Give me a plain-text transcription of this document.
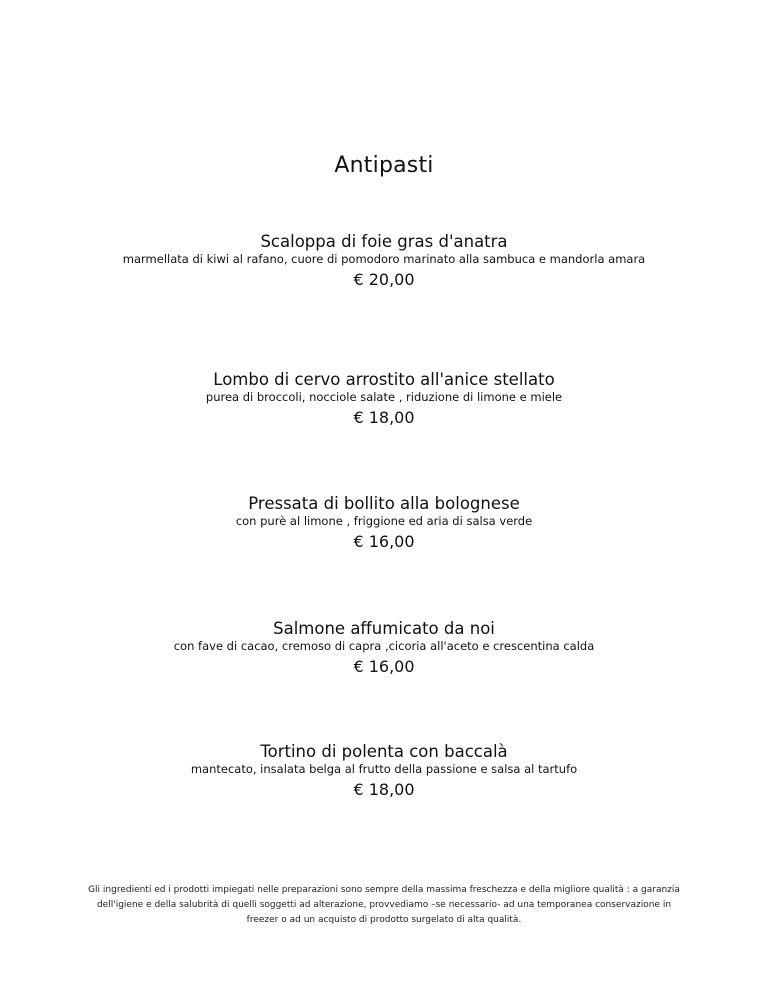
Antipasti
Scaloppa di foie gras d'anatra
marmellata di kiwi al rafano, cuore di pomodoro marinato alla sambuca e mandorla amara
€ 20,00
Lombo di cervo arrostito all'anice stellato
purea di broccoli, nocciole salate , riduzione di limone e miele
€ 18,00
Pressata di bollito alla bolognese
con purè al limone , friggione ed aria di salsa verde
€ 16,00
Salmone affumicato da noi
con fave di cacao, cremoso di capra ,cicoria all'aceto e crescentina calda
€ 16,00
Tortino di polenta con baccalà
mantecato, insalata belga al frutto della passione e salsa al tartufo
€ 18,00
Gli ingredienti ed i prodotti impiegati nelle preparazioni sono sempre della massima freschezza e della migliore qualità : a garanzia dell'igiene e della salubrità di quelli soggetti ad alterazione, provvediamo –se necessario- ad una temporanea conservazione in freezer o ad un acquisto di prodotto surgelato di alta qualità.
